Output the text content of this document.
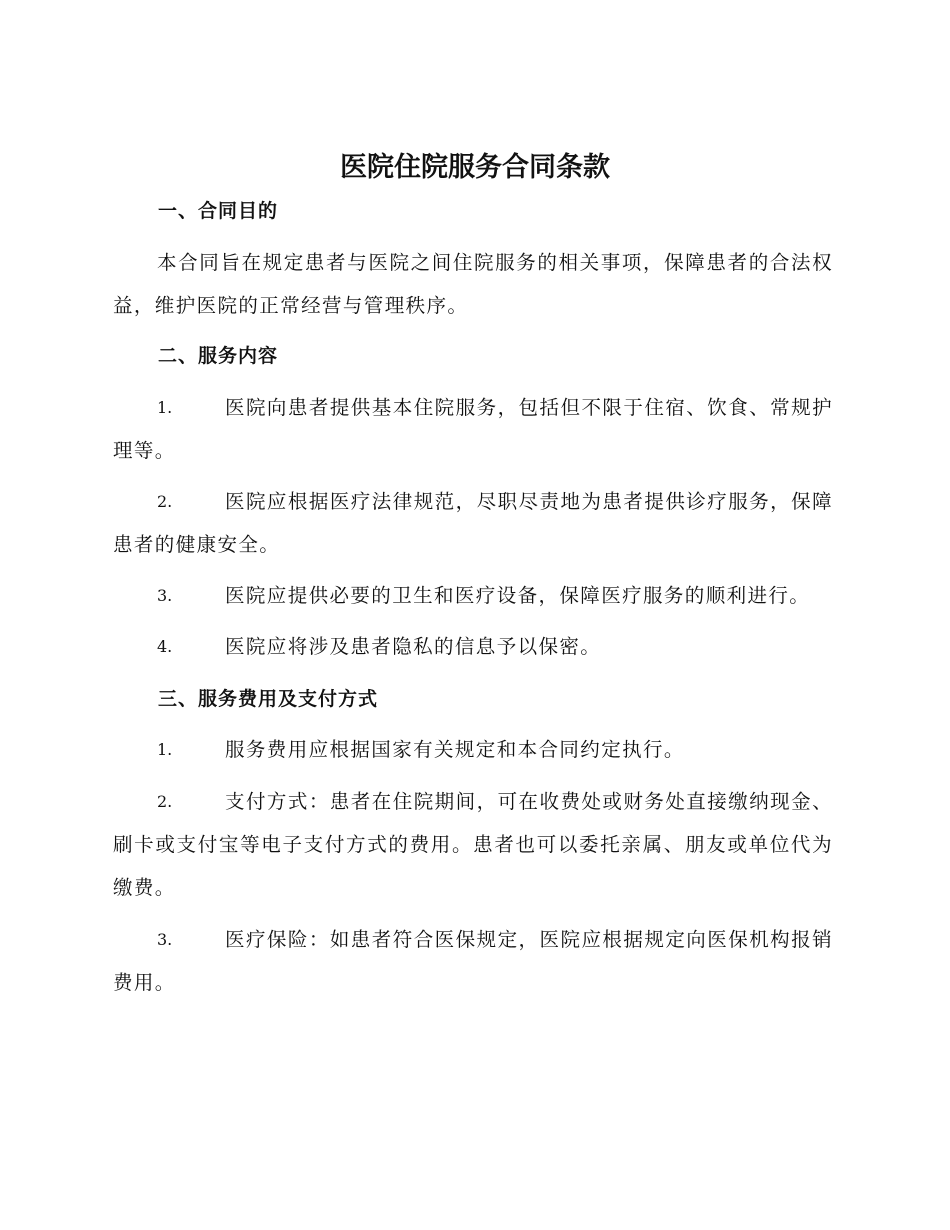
医院住院服务合同条款
一、合同目的

本合同旨在规定患者与医院之间住院服务的相关事项，保障患者的合法权益，维护医院的正常经营与管理秩序。

二、服务内容
1.	医院向患者提供基本住院服务，包括但不限于住宿、饮食、常规护理等。
2.	医院应根据医疗法律规范，尽职尽责地为患者提供诊疗服务，保障患者的健康安全。
3.	医院应提供必要的卫生和医疗设备，保障医疗服务的顺利进行。
4.	医院应将涉及患者隐私的信息予以保密。
三、服务费用及支付方式
1.	服务费用应根据国家有关规定和本合同约定执行。
2.	支付方式：患者在住院期间，可在收费处或财务处直接缴纳现金、刷卡或支付宝等电子支付方式的费用。患者也可以委托亲属、朋友或单位代为缴费。
3.	医疗保险：如患者符合医保规定，医院应根据规定向医保机构报销费用。
